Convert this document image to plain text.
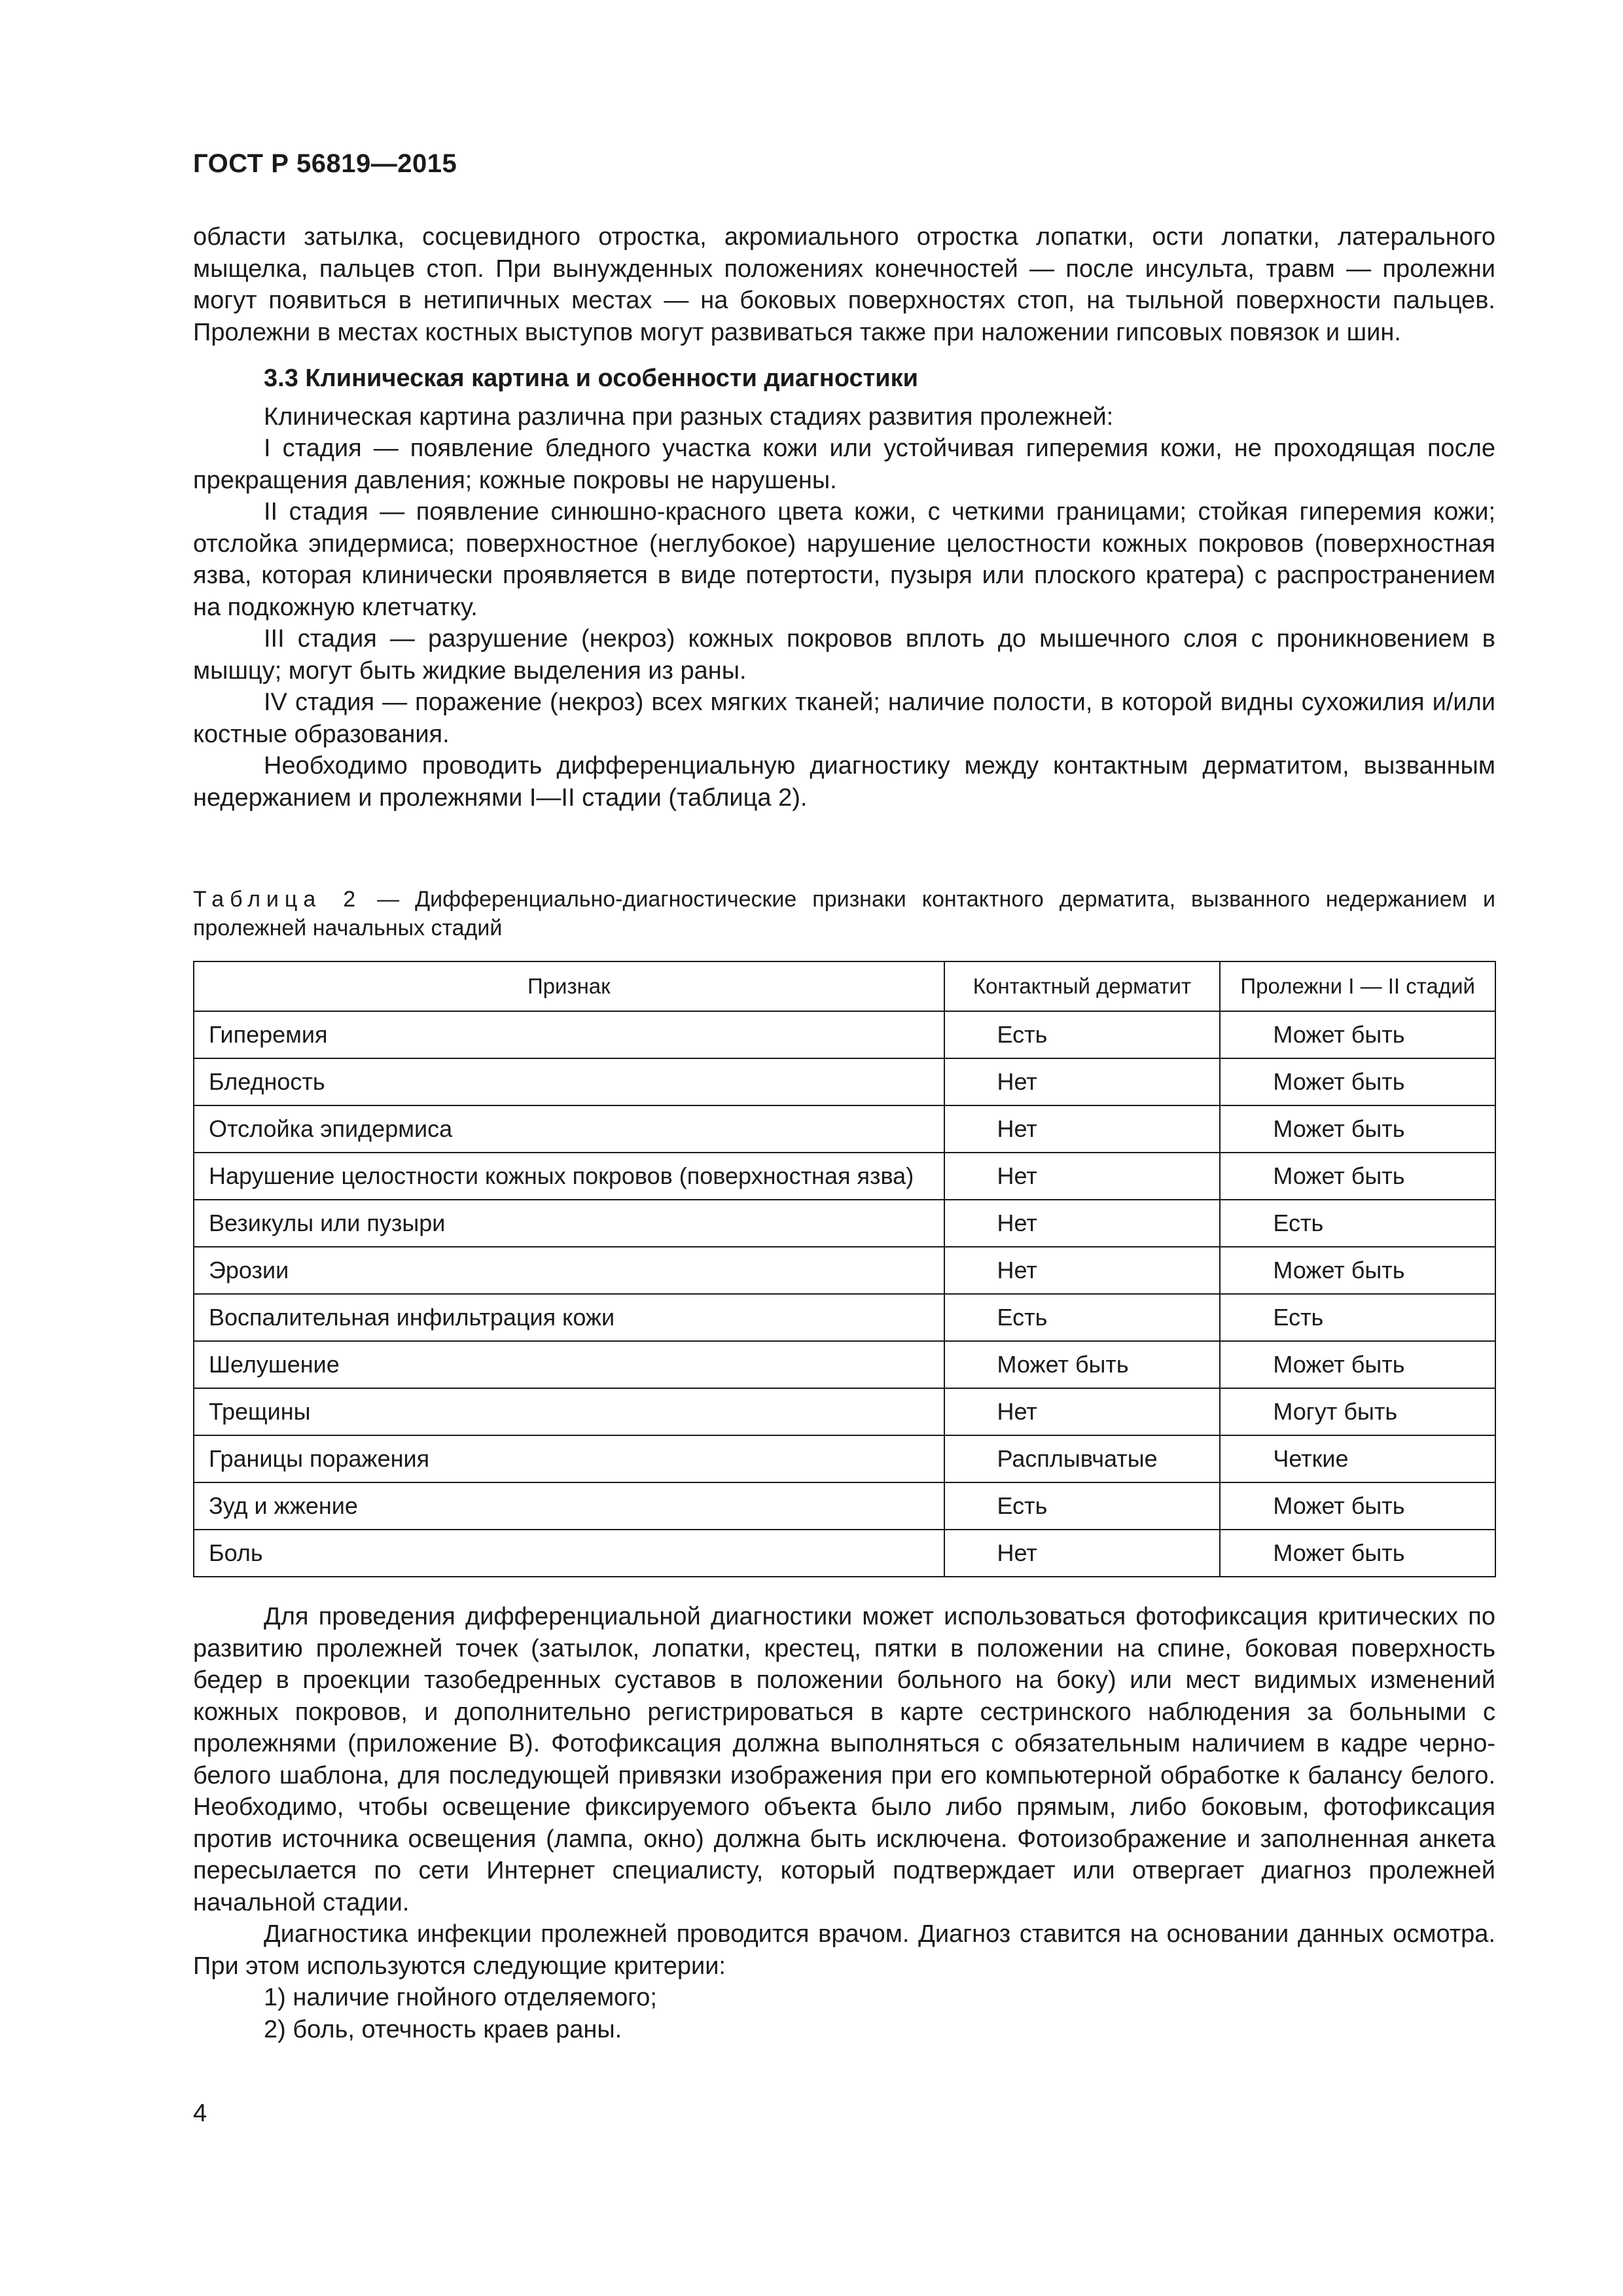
ГОСТ Р 56819—2015

области затылка, сосцевидного отростка, акромиального отростка лопатки, ости лопатки, латерального мыщелка, пальцев стоп. При вынужденных положениях конечностей — после инсульта, травм — пролежни могут появиться в нетипичных местах — на боковых поверхностях стоп, на тыльной поверхности пальцев. Пролежни в местах костных выступов могут развиваться также при наложении гипсовых повязок и шин.

3.3 Клиническая картина и особенности диагностики

Клиническая картина различна при разных стадиях развития пролежней:

I стадия — появление бледного участка кожи или устойчивая гиперемия кожи, не проходящая после прекращения давления; кожные покровы не нарушены.

II стадия — появление синюшно-красного цвета кожи, с четкими границами; стойкая гиперемия кожи; отслойка эпидермиса; поверхностное (неглубокое) нарушение целостности кожных покровов (поверхностная язва, которая клинически проявляется в виде потертости, пузыря или плоского кратера) с распространением на подкожную клетчатку.

III стадия — разрушение (некроз) кожных покровов вплоть до мышечного слоя с проникновением в мышцу; могут быть жидкие выделения из раны.

IV стадия — поражение (некроз) всех мягких тканей; наличие полости, в которой видны сухожилия и/или костные образования.

Необходимо проводить дифференциальную диагностику между контактным дерматитом, вызванным недержанием и пролежнями I—II стадии (таблица 2).

Таблица 2 — Дифференциально-диагностические признаки контактного дерматита, вызванного недержанием и пролежней начальных стадий
Признак	Контактный дерматит	Пролежни I — II стадий
Гиперемия	Есть	Может быть
Бледность	Нет	Может быть
Отслойка эпидермиса	Нет	Может быть
Нарушение целостности кожных покровов (поверхностная язва)	Нет	Может быть
Везикулы или пузыри	Нет	Есть
Эрозии	Нет	Может быть
Воспалительная инфильтрация кожи	Есть	Есть
Шелушение	Может быть	Может быть
Трещины	Нет	Могут быть
Границы поражения	Расплывчатые	Четкие
Зуд и жжение	Есть	Может быть
Боль	Нет	Может быть

Для проведения дифференциальной диагностики может использоваться фотофиксация критических по развитию пролежней точек (затылок, лопатки, крестец, пятки в положении на спине, боковая поверхность бедер в проекции тазобедренных суставов в положении больного на боку) или мест видимых изменений кожных покровов, и дополнительно регистрироваться в карте сестринского наблюдения за больными с пролежнями (приложение В). Фотофиксация должна выполняться с обязательным наличием в кадре черно-белого шаблона, для последующей привязки изображения при его компьютерной обработке к балансу белого. Необходимо, чтобы освещение фиксируемого объекта было либо прямым, либо боковым, фотофиксация против источника освещения (лампа, окно) должна быть исключена. Фотоизображение и заполненная анкета пересылается по сети Интернет специалисту, который подтверждает или отвергает диагноз пролежней начальной стадии.

Диагностика инфекции пролежней проводится врачом. Диагноз ставится на основании данных осмотра. При этом используются следующие критерии:

1) наличие гнойного отделяемого;

2) боль, отечность краев раны.

4
